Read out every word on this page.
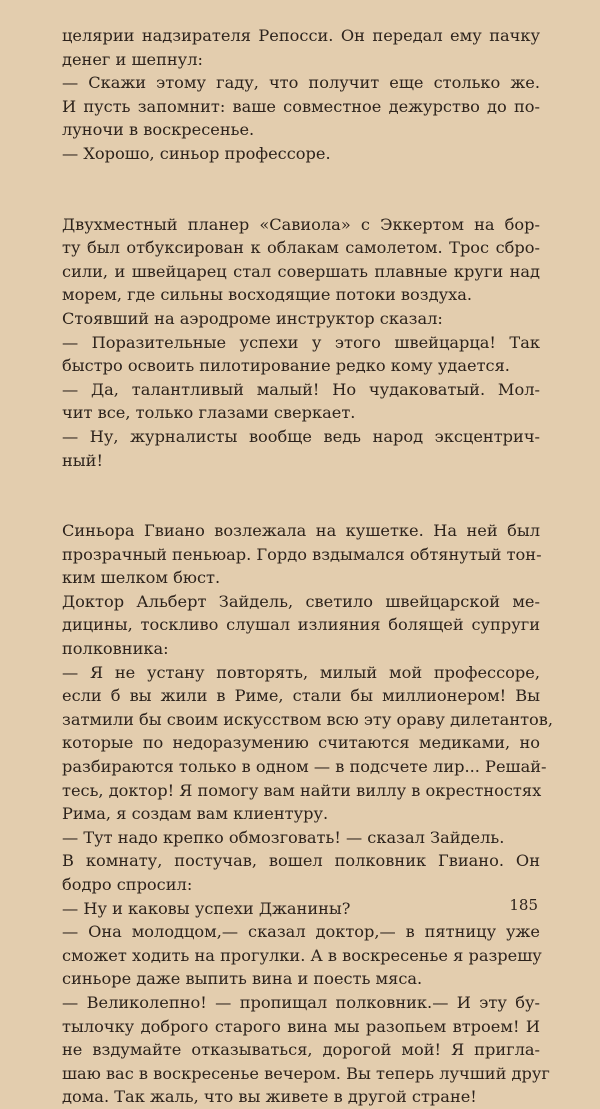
целярии надзирателя Репосси. Он передал ему пачку
денег и шепнул:
— Скажи этому гаду, что получит еще столько же.
И пусть запомнит: ваше совместное дежурство до по-
луночи в воскресенье.
— Хорошо, синьор профессоре.
Двухместный планер «Савиола» с Эккертом на бор-
ту был отбуксирован к облакам самолетом. Трос сбро-
сили, и швейцарец стал совершать плавные круги над
морем, где сильны восходящие потоки воздуха.
Стоявший на аэродроме инструктор сказал:
— Поразительные успехи у этого швейцарца! Так
быстро освоить пилотирование редко кому удается.
— Да, талантливый малый! Но чудаковатый. Мол-
чит все, только глазами сверкает.
— Ну, журналисты вообще ведь народ эксцентрич-
ный!
Синьора Гвиано возлежала на кушетке. На ней был
прозрачный пеньюар. Гордо вздымался обтянутый тон-
ким шелком бюст.
Доктор Альберт Зайдель, светило швейцарской ме-
дицины, тоскливо слушал излияния болящей супруги
полковника:
— Я не устану повторять, милый мой профессоре,
если б вы жили в Риме, стали бы миллионером! Вы
затмили бы своим искусством всю эту ораву дилетантов,
которые по недоразумению считаются медиками, но
разбираются только в одном — в подсчете лир... Решай-
тесь, доктор! Я помогу вам найти виллу в окрестностях
Рима, я создам вам клиентуру.
— Тут надо крепко обмозговать! — сказал Зайдель.
В комнату, постучав, вошел полковник Гвиано. Он
бодро спросил:
— Ну и каковы успехи Джанины?
— Она молодцом,— сказал доктор,— в пятницу уже
сможет ходить на прогулки. А в воскресенье я разрешу
синьоре даже выпить вина и поесть мяса.
— Великолепно! — пропищал полковник.— И эту бу-
тылочку доброго старого вина мы разопьем втроем! И
не вздумайте отказываться, дорогой мой! Я пригла-
шаю вас в воскресенье вечером. Вы теперь лучший друг
дома. Так жаль, что вы живете в другой стране!
185
